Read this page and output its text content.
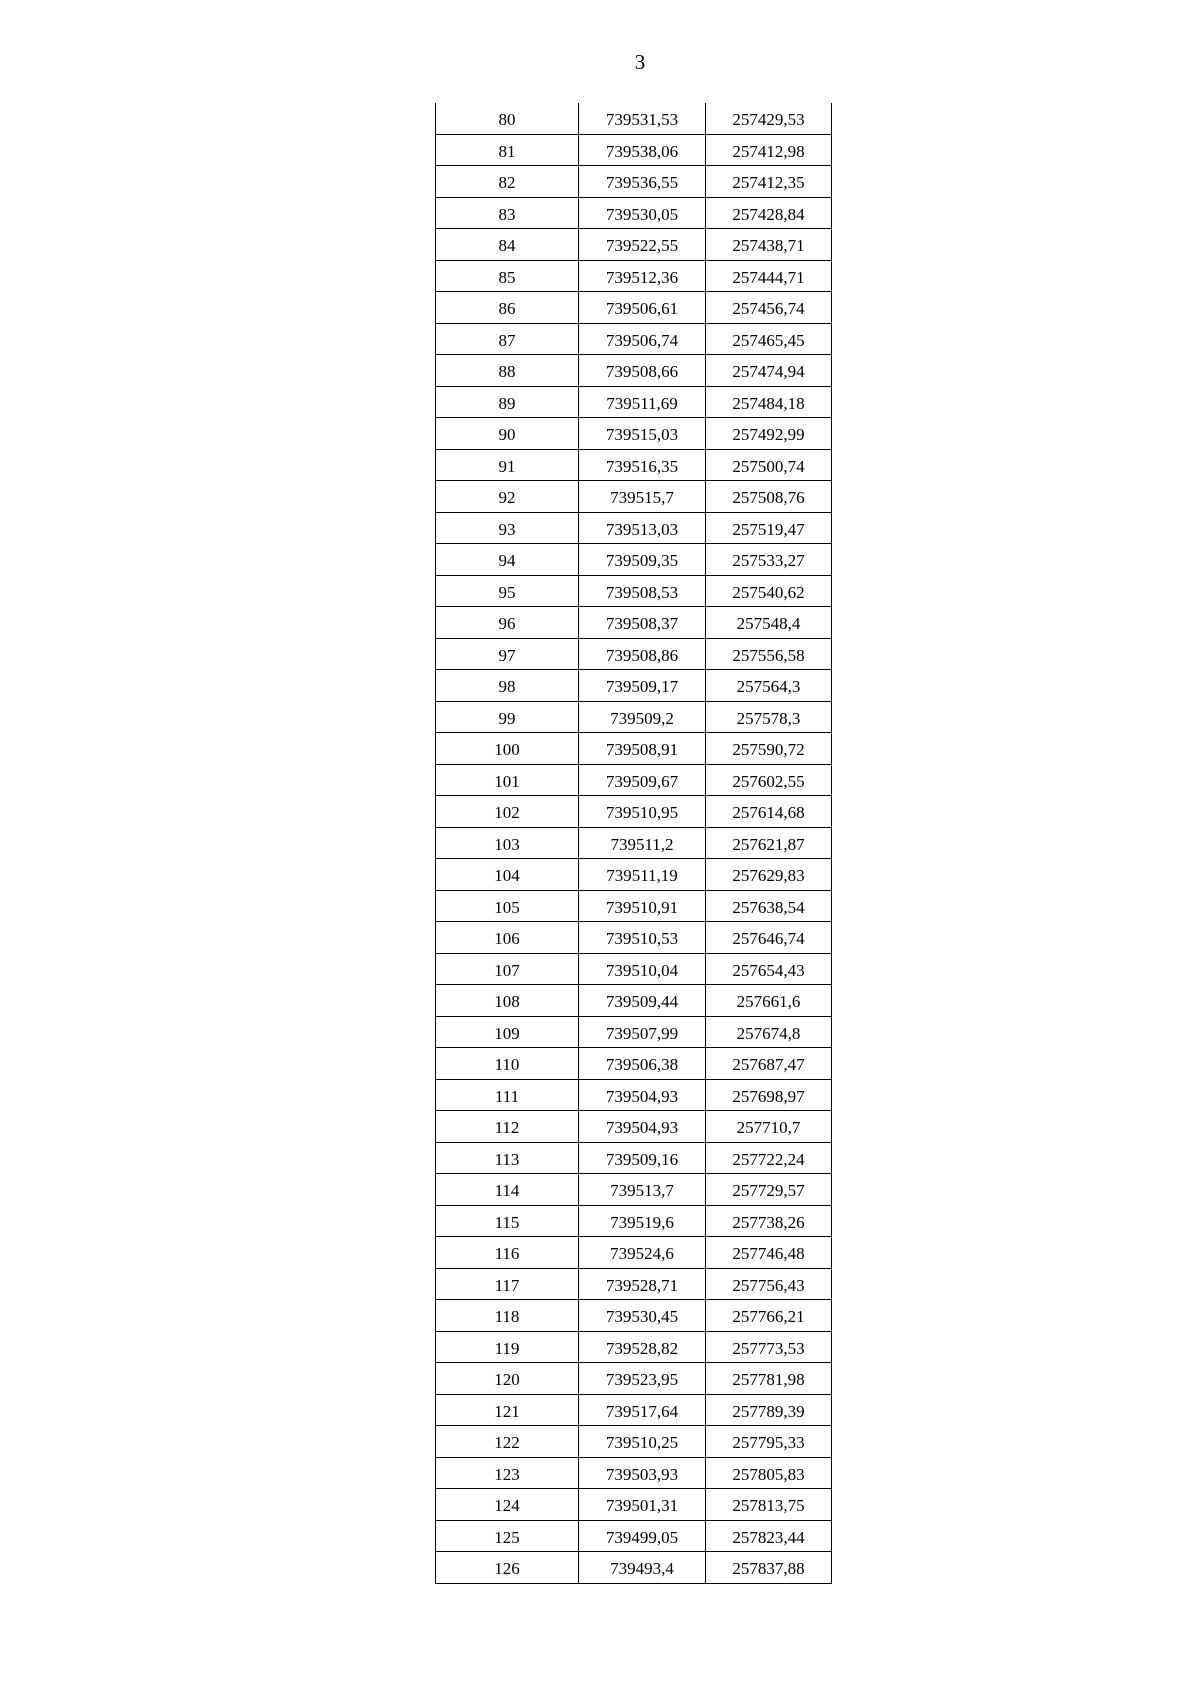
3
80	739531,53	257429,53
81	739538,06	257412,98
82	739536,55	257412,35
83	739530,05	257428,84
84	739522,55	257438,71
85	739512,36	257444,71
86	739506,61	257456,74
87	739506,74	257465,45
88	739508,66	257474,94
89	739511,69	257484,18
90	739515,03	257492,99
91	739516,35	257500,74
92	739515,7	257508,76
93	739513,03	257519,47
94	739509,35	257533,27
95	739508,53	257540,62
96	739508,37	257548,4
97	739508,86	257556,58
98	739509,17	257564,3
99	739509,2	257578,3
100	739508,91	257590,72
101	739509,67	257602,55
102	739510,95	257614,68
103	739511,2	257621,87
104	739511,19	257629,83
105	739510,91	257638,54
106	739510,53	257646,74
107	739510,04	257654,43
108	739509,44	257661,6
109	739507,99	257674,8
110	739506,38	257687,47
111	739504,93	257698,97
112	739504,93	257710,7
113	739509,16	257722,24
114	739513,7	257729,57
115	739519,6	257738,26
116	739524,6	257746,48
117	739528,71	257756,43
118	739530,45	257766,21
119	739528,82	257773,53
120	739523,95	257781,98
121	739517,64	257789,39
122	739510,25	257795,33
123	739503,93	257805,83
124	739501,31	257813,75
125	739499,05	257823,44
126	739493,4	257837,88
